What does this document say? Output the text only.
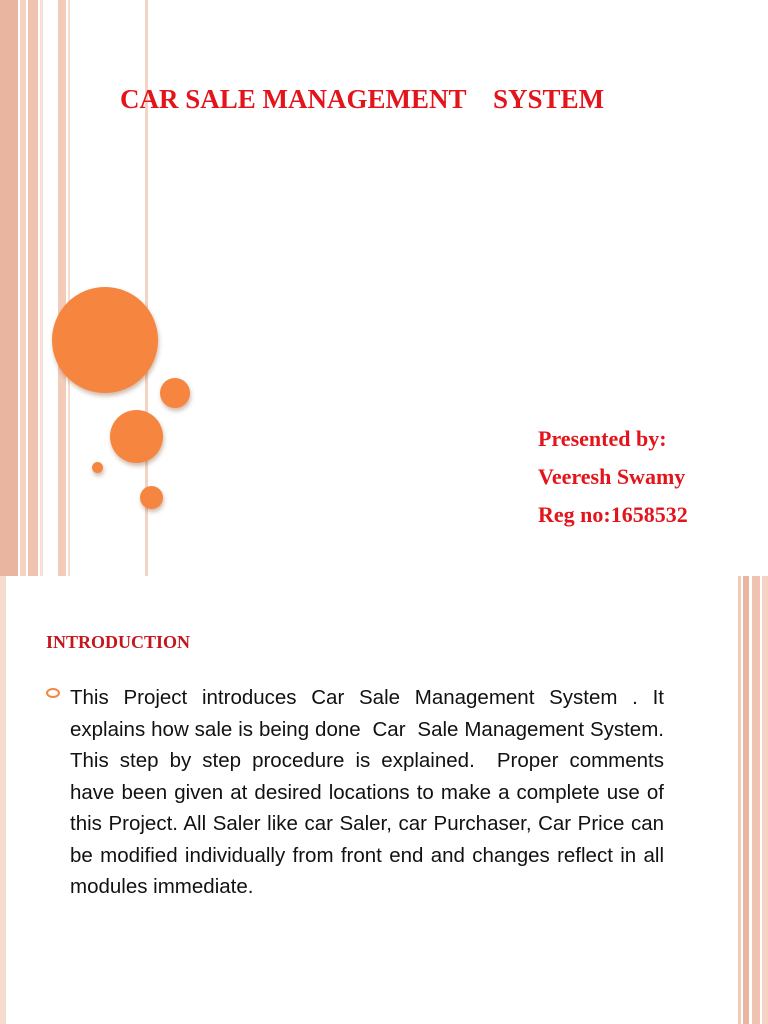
CAR SALE MANAGEMENT    SYSTEM
Presented by:
Veeresh Swamy
Reg no:1658532
INTRODUCTION
This Project introduces Car Sale Management System . It explains how sale is being done  Car  Sale Management System. This step by step procedure is explained.  Proper comments have been given at desired locations to make a complete use of this Project. All Saler like car Saler, car Purchaser, Car Price can be modified individually from front end and changes reflect in all modules immediate.
